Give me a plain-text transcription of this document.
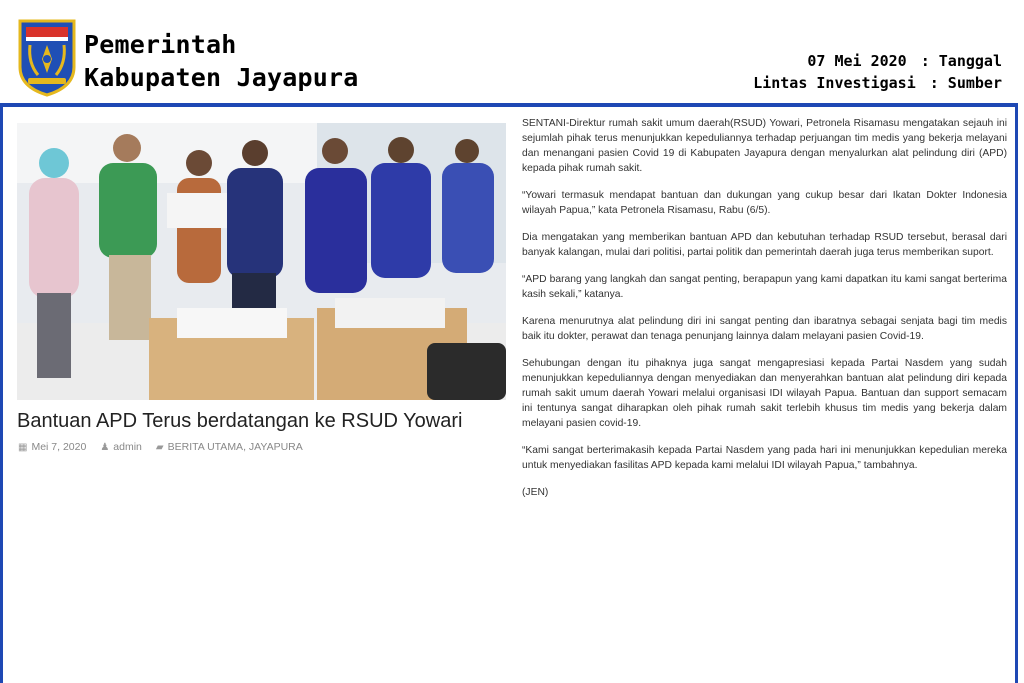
Pemerintah
Kabupaten Jayapura
07 Mei 2020 : Tanggal
Lintas Investigasi : Sumber
Bantuan APD Terus berdatangan ke RSUD Yowari
▦ Mei 7, 2020 ♟ admin ▰ BERITA UTAMA, JAYAPURA

SENTANI-Direktur rumah sakit umum daerah(RSUD) Yowari, Petronela Risamasu mengatakan sejauh ini sejumlah pihak terus menunjukkan kepeduliannya terhadap perjuangan tim medis yang bekerja melayani dan menangani pasien Covid 19 di Kabupaten Jayapura dengan menyalurkan alat pelindung diri (APD) kepada pihak rumah sakit.

“Yowari termasuk mendapat bantuan dan dukungan yang cukup besar dari Ikatan Dokter Indonesia wilayah Papua,” kata Petronela Risamasu, Rabu (6/5).

Dia mengatakan yang memberikan bantuan APD dan kebutuhan terhadap RSUD tersebut, berasal dari banyak kalangan, mulai dari politisi, partai politik dan pemerintah daerah juga terus memberikan suport.

“APD barang yang langkah dan sangat penting, berapapun yang kami dapatkan itu kami sangat berterima kasih sekali,” katanya.

Karena menurutnya alat pelindung diri ini sangat penting dan ibaratnya sebagai senjata bagi tim medis baik itu dokter, perawat dan tenaga penunjang lainnya dalam melayani pasien Covid-19.

Sehubungan dengan itu pihaknya juga sangat mengapresiasi kepada Partai Nasdem yang sudah menunjukkan kepeduliannya dengan menyediakan dan menyerahkan bantuan alat pelindung diri kepada rumah sakit umum daerah Yowari melalui organisasi IDI wilayah Papua. Bantuan dan support semacam ini tentunya sangat diharapkan oleh pihak rumah sakit terlebih khusus tim medis yang bekerja dalam melayani pasien covid-19.

“Kami sangat berterimakasih kepada Partai Nasdem yang pada hari ini menunjukkan kepedulian mereka untuk menyediakan fasilitas APD kepada kami melalui IDI wilayah Papua,” tambahnya.

(JEN)
